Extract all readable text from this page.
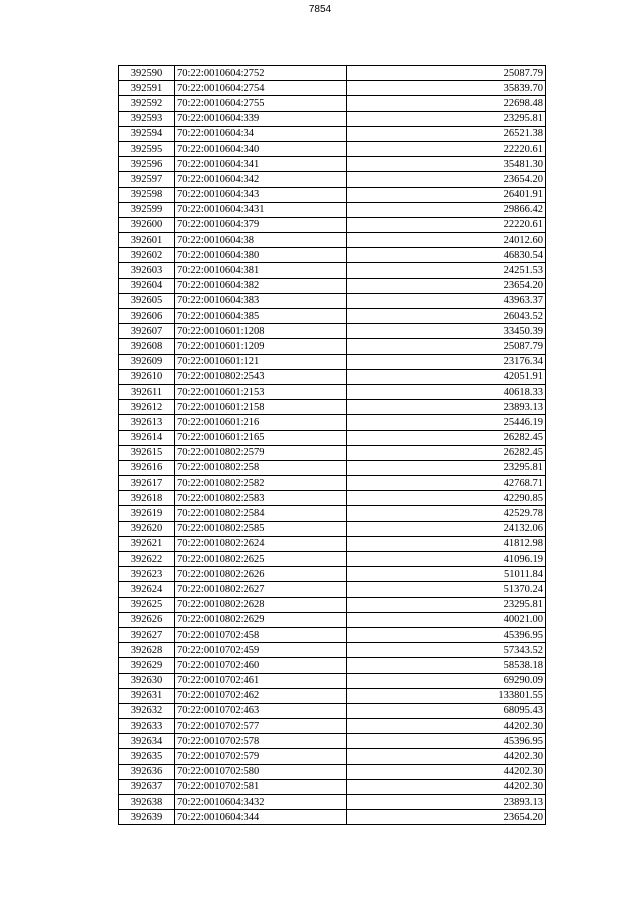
7854
392590	70:22:0010604:2752	25087.79
392591	70:22:0010604:2754	35839.70
392592	70:22:0010604:2755	22698.48
392593	70:22:0010604:339	23295.81
392594	70:22:0010604:34	26521.38
392595	70:22:0010604:340	22220.61
392596	70:22:0010604:341	35481.30
392597	70:22:0010604:342	23654.20
392598	70:22:0010604:343	26401.91
392599	70:22:0010604:3431	29866.42
392600	70:22:0010604:379	22220.61
392601	70:22:0010604:38	24012.60
392602	70:22:0010604:380	46830.54
392603	70:22:0010604:381	24251.53
392604	70:22:0010604:382	23654.20
392605	70:22:0010604:383	43963.37
392606	70:22:0010604:385	26043.52
392607	70:22:0010601:1208	33450.39
392608	70:22:0010601:1209	25087.79
392609	70:22:0010601:121	23176.34
392610	70:22:0010802:2543	42051.91
392611	70:22:0010601:2153	40618.33
392612	70:22:0010601:2158	23893.13
392613	70:22:0010601:216	25446.19
392614	70:22:0010601:2165	26282.45
392615	70:22:0010802:2579	26282.45
392616	70:22:0010802:258	23295.81
392617	70:22:0010802:2582	42768.71
392618	70:22:0010802:2583	42290.85
392619	70:22:0010802:2584	42529.78
392620	70:22:0010802:2585	24132.06
392621	70:22:0010802:2624	41812.98
392622	70:22:0010802:2625	41096.19
392623	70:22:0010802:2626	51011.84
392624	70:22:0010802:2627	51370.24
392625	70:22:0010802:2628	23295.81
392626	70:22:0010802:2629	40021.00
392627	70:22:0010702:458	45396.95
392628	70:22:0010702:459	57343.52
392629	70:22:0010702:460	58538.18
392630	70:22:0010702:461	69290.09
392631	70:22:0010702:462	133801.55
392632	70:22:0010702:463	68095.43
392633	70:22:0010702:577	44202.30
392634	70:22:0010702:578	45396.95
392635	70:22:0010702:579	44202.30
392636	70:22:0010702:580	44202.30
392637	70:22:0010702:581	44202.30
392638	70:22:0010604:3432	23893.13
392639	70:22:0010604:344	23654.20
